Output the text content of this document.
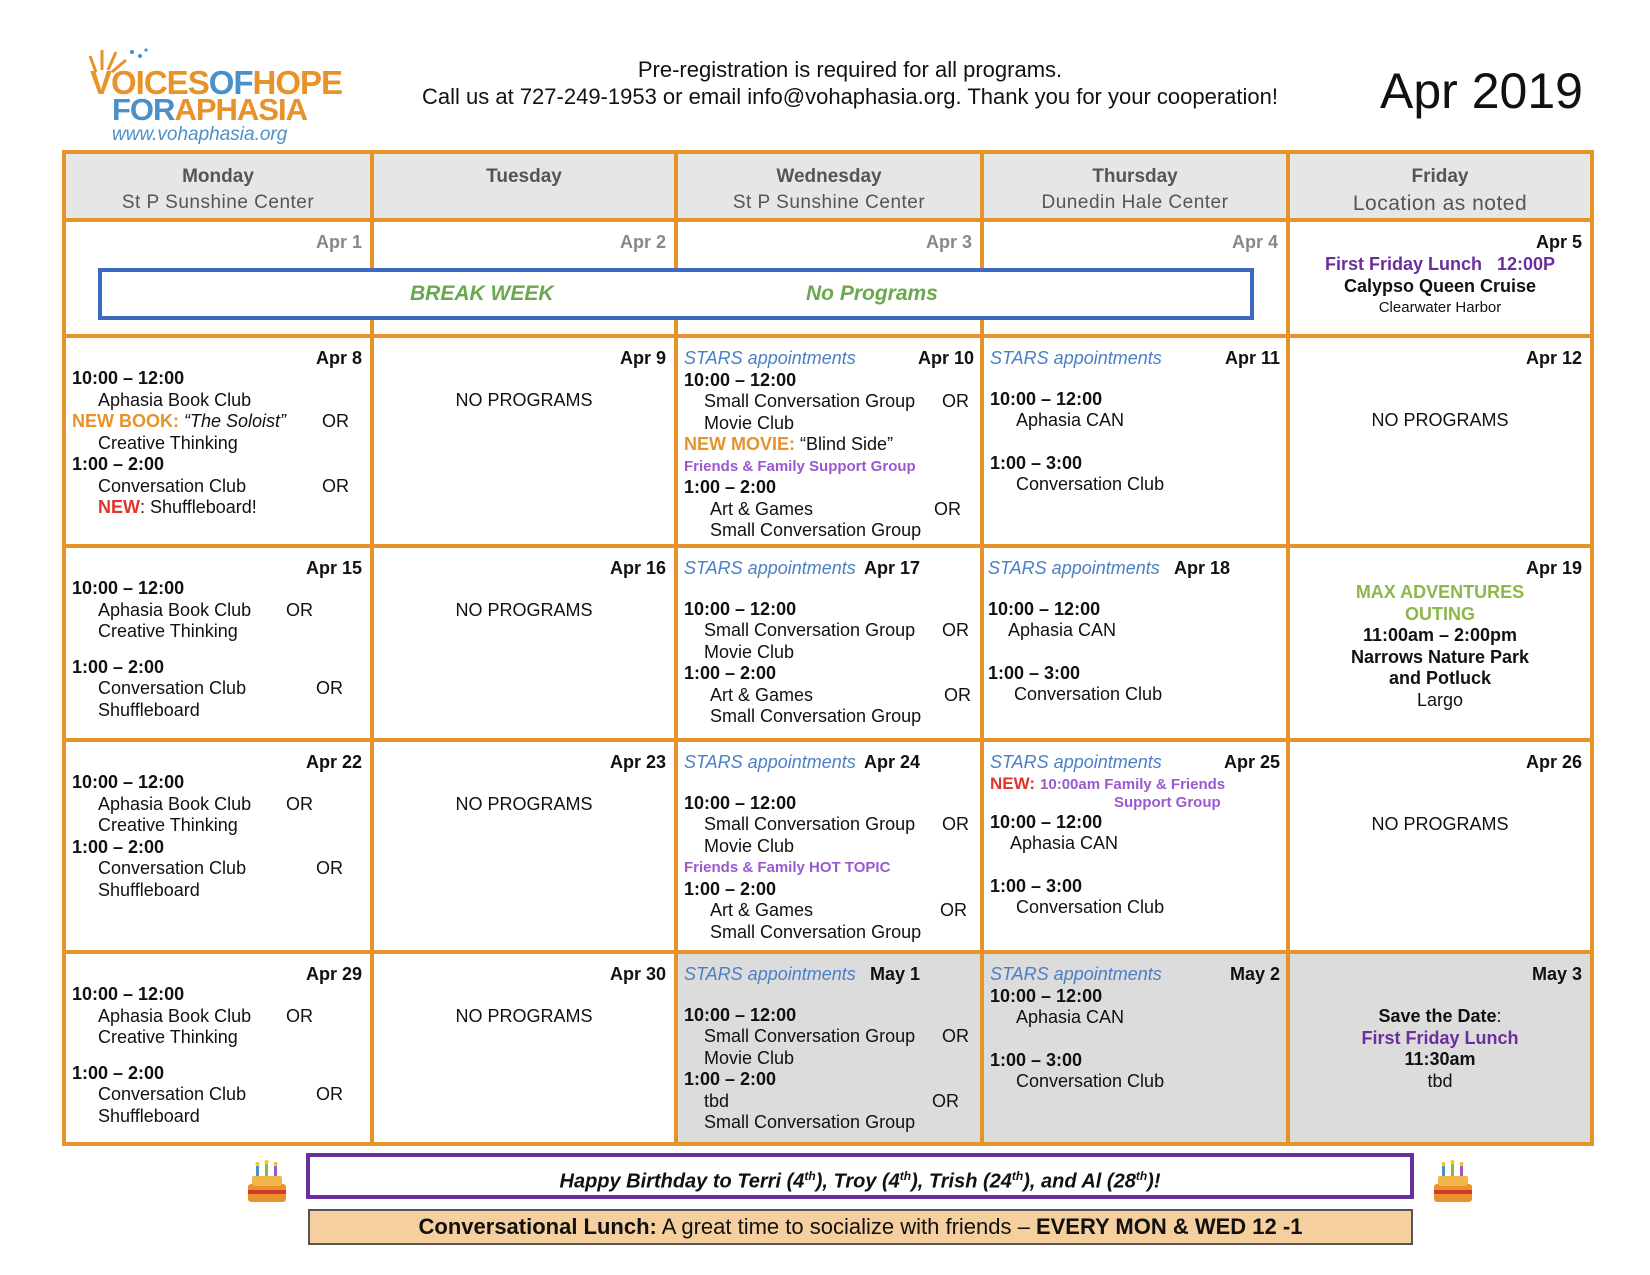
VOICESOFHOPE
FORAPHASIA
www.vohaphasia.org
Pre-registration is required for all programs.
Call us at 727-249-1953 or email info@vohaphasia.org. Thank you for your cooperation!	Apr 2019
Monday
St P Sunshine Center
Tuesday	Wednesday
St P Sunshine Center
Thursday
Dunedin Hale Center
Friday
Location as noted
Apr 1	Apr 2	Apr 3	Apr 4	Apr 5
First Friday Lunch 12:00P
Calypso Queen Cruise
Clearwater Harbor
BREAK WEEK	No Programs
Apr 8
10:00 – 12:00
Aphasia Book Club
NEW BOOK: “The Soloist” OR
Creative Thinking
1:00 – 2:00
Conversation Club	OR
NEW: Shuffleboard!
Apr 9
NO PROGRAMS
Apr 10
STARS appointments
10:00 – 12:00
Small Conversation Group OR
Movie Club
NEW MOVIE: “Blind Side”
Friends & Family Support Group
1:00 – 2:00
Art & Games	OR
Small Conversation Group
Apr 11
STARS appointments
10:00 – 12:00
Aphasia CAN
1:00 – 3:00
Conversation Club
Apr 12
NO PROGRAMS
Apr 15
10:00 – 12:00
Aphasia Book Club OR
Creative Thinking
1:00 – 2:00
Conversation Club	OR
Shuffleboard
Apr 16
NO PROGRAMS
Apr 17
STARS appointments
10:00 – 12:00
Small Conversation Group OR
Movie Club
1:00 – 2:00
Art & Games	OR
Small Conversation Group
Apr 18
STARS appointments
10:00 – 12:00
Aphasia CAN
1:00 – 3:00
Conversation Club
Apr 19
MAX ADVENTURES
OUTING
11:00am – 2:00pm
Narrows Nature Park
and Potluck
Largo
Apr 22
10:00 – 12:00
Aphasia Book Club OR
Creative Thinking
1:00 – 2:00
Conversation Club	OR
Shuffleboard
Apr 23
NO PROGRAMS
Apr 24
STARS appointments
10:00 – 12:00
Small Conversation Group OR
Movie Club
Friends & Family HOT TOPIC
1:00 – 2:00
Art & Games	OR
Small Conversation Group
Apr 25
STARS appointments
NEW: 10:00am Family & Friends
Support Group
10:00 – 12:00
Aphasia CAN
1:00 – 3:00
Conversation Club
Apr 26
NO PROGRAMS
Apr 29
10:00 – 12:00
Aphasia Book Club OR
Creative Thinking
1:00 – 2:00
Conversation Club	OR
Shuffleboard
Apr 30
NO PROGRAMS
May 1
STARS appointments
10:00 – 12:00
Small Conversation Group OR
Movie Club
1:00 – 2:00
tbd	OR
Small Conversation Group
May 2
STARS appointments
10:00 – 12:00
Aphasia CAN
1:00 – 3:00
Conversation Club
May 3
Save the Date:
First Friday Lunch
11:30am
tbd
Happy Birthday to Terri (4th), Troy (4th), Trish (24th), and Al (28th)!
Conversational Lunch: A great time to socialize with friends – EVERY MON & WED 12 -1
